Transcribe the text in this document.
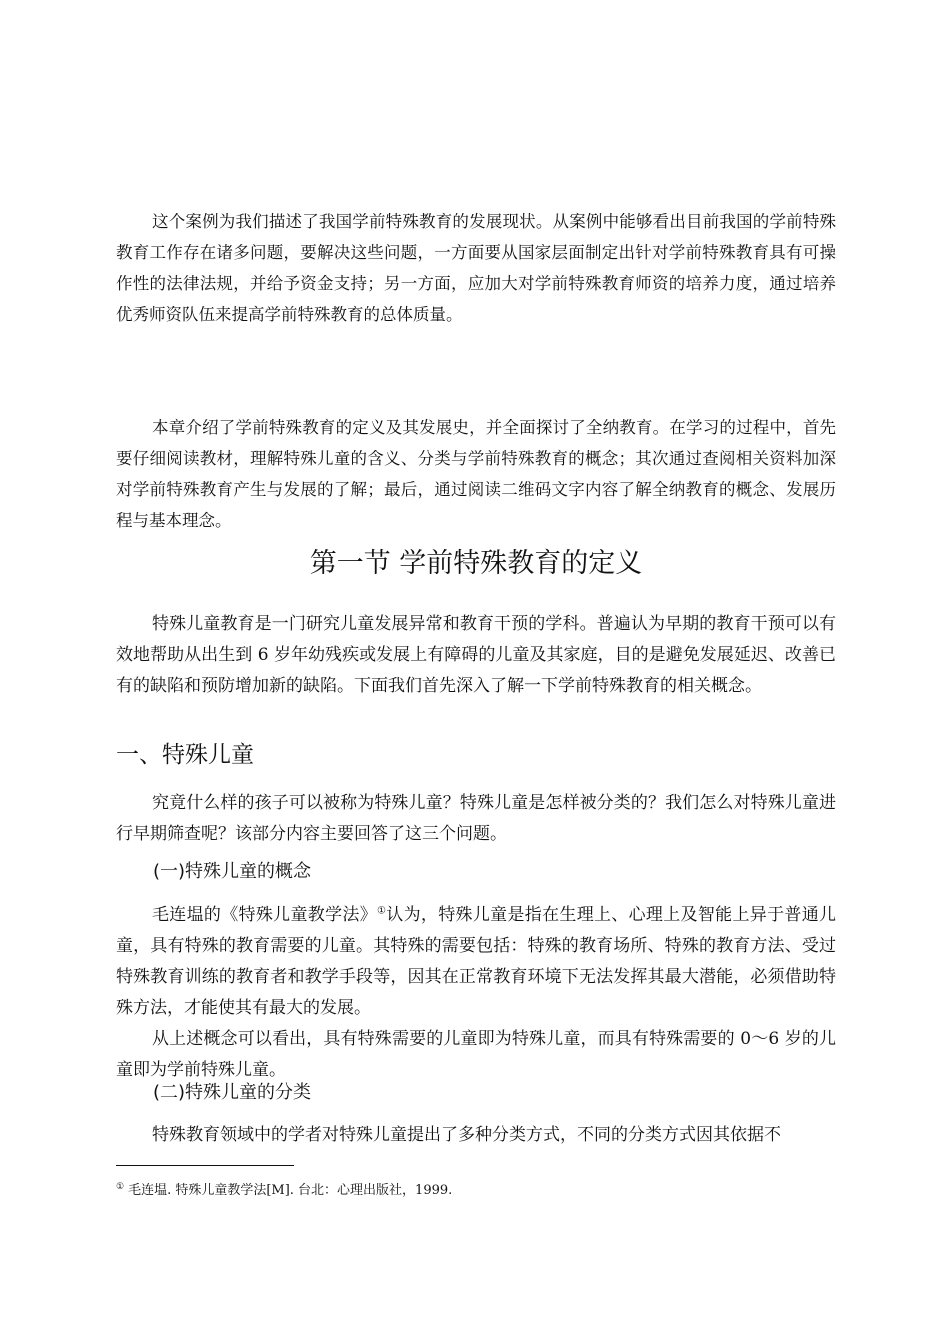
这个案例为我们描述了我国学前特殊教育的发展现状。从案例中能够看出目前我国的学前特殊教育工作存在诸多问题，要解决这些问题，一方面要从国家层面制定出针对学前特殊教育具有可操作性的法律法规，并给予资金支持；另一方面，应加大对学前特殊教育师资的培养力度，通过培养优秀师资队伍来提高学前特殊教育的总体质量。

本章介绍了学前特殊教育的定义及其发展史，并全面探讨了全纳教育。在学习的过程中，首先要仔细阅读教材，理解特殊儿童的含义、分类与学前特殊教育的概念；其次通过查阅相关资料加深对学前特殊教育产生与发展的了解；最后，通过阅读二维码文字内容了解全纳教育的概念、发展历程与基本理念。

第一节 学前特殊教育的定义

特殊儿童教育是一门研究儿童发展异常和教育干预的学科。普遍认为早期的教育干预可以有效地帮助从出生到 6 岁年幼残疾或发展上有障碍的儿童及其家庭，目的是避免发展延迟、改善已有的缺陷和预防增加新的缺陷。下面我们首先深入了解一下学前特殊教育的相关概念。

一、特殊儿童

究竟什么样的孩子可以被称为特殊儿童？特殊儿童是怎样被分类的？我们怎么对特殊儿童进行早期筛查呢？该部分内容主要回答了这三个问题。

(一)特殊儿童的概念

毛连塭的《特殊儿童教学法》①认为，特殊儿童是指在生理上、心理上及智能上异于普通儿童，具有特殊的教育需要的儿童。其特殊的需要包括：特殊的教育场所、特殊的教育方法、受过特殊教育训练的教育者和教学手段等，因其在正常教育环境下无法发挥其最大潜能，必须借助特殊方法，才能使其有最大的发展。

从上述概念可以看出，具有特殊需要的儿童即为特殊儿童，而具有特殊需要的 0～6 岁的儿童即为学前特殊儿童。

(二)特殊儿童的分类

特殊教育领域中的学者对特殊儿童提出了多种分类方式，不同的分类方式因其依据不

① 毛连塭. 特殊儿童教学法[M]. 台北：心理出版社，1999.
